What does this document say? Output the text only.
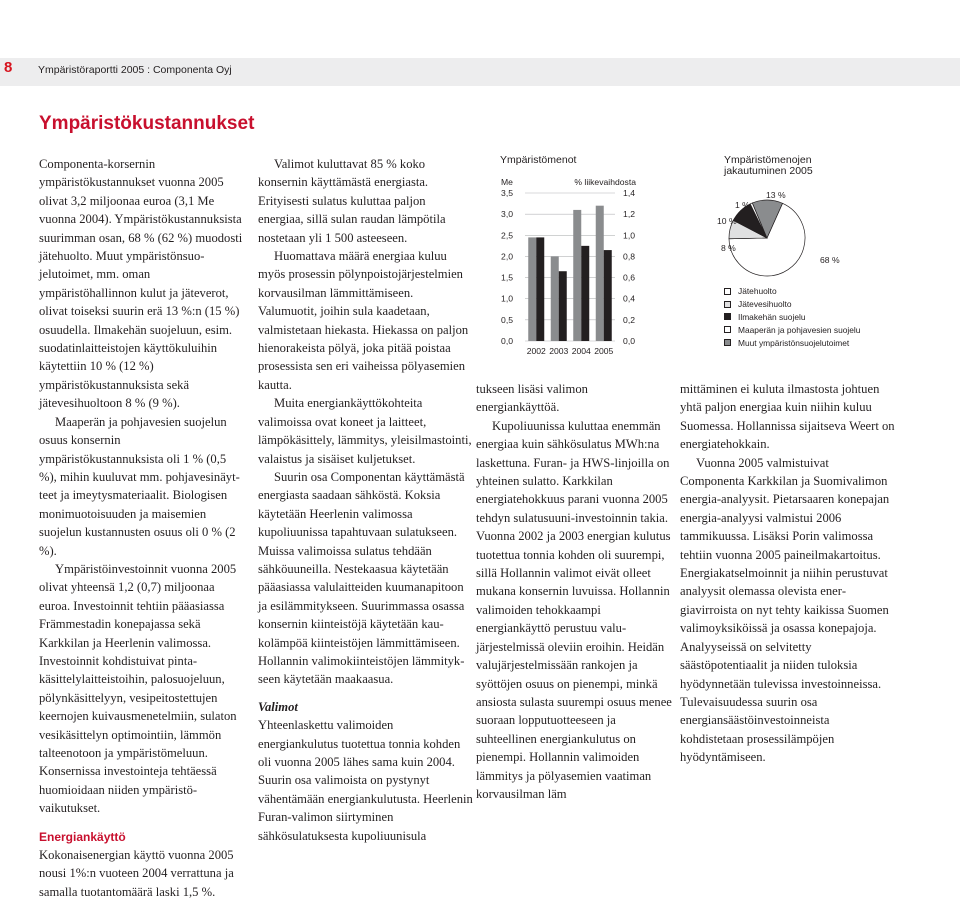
8 Ympäristöraportti 2005 : Componenta Oyj
Ympäristökustannukset

Componenta-korsernin ympäristökustannukset vuonna 2005 olivat 3,2 miljoonaa euroa (3,1 Me vuonna 2004). Ympäristökustannuksista suurimman osan, 68 % (62 %) muodosti jätehuolto. Muut ympäristönsuojelutoimet, mm. oman ympäristöhallinnon kulut ja jäteverot, olivat toiseksi suurin erä 13 %:n (15 %) osuudella. Ilmakehän suojeluun, esim. suodatinlaitteistojen käyttökuluihin käytettiin 10 % (12 %) ympäristökustannuksista sekä jätevesihuoltoon 8 % (9 %).

Maaperän ja pohjavesien suojelun osuus konsernin ympäristökustannuksista oli 1 % (0,5 %), mihin kuuluvat mm. pohjavesinäytteet ja imeytysmateriaalit. Biologisen monimuotoisuuden ja maisemien suojelun kustannusten osuus oli 0 % (2 %).

Ympäristöinvestoinnit vuonna 2005 olivat yhteensä 1,2 (0,7) miljoonaa euroa. Investoinnit tehtiin pääasiassa Främmestadin konepajassa sekä Karkkilan ja Heerlenin valimossa. Investoinnit kohdistuivat pintakäsittelylaitteistoihin, palosuojeluun, pölynkäsittelyyn, vesipeitostettujen keernojen kuivausmenetelmiin, sulaton vesikäsittelyn optimointiin, lämmön talteenotoon ja ympäristömeluun. Konsernissa investointeja tehtäessä huomioidaan niiden ympäristövaikutukset.

Energiankäyttö

Kokonaisenergian käyttö vuonna 2005 nousi 1%:n vuoteen 2004 verrattuna ja samalla tuotantomäärä laski 1,5 %.

Valimot kuluttavat 85 % koko konsernin käyttämästä energiasta. Erityisesti sulatus kuluttaa paljon energiaa, sillä sulan raudan lämpötila nostetaan yli 1 500 asteeseen.

Huomattava määrä energiaa kuluu myös prosessin pölynpoistojärjestelmien korvausilman lämmittämiseen. Valumuotit, joihin sula kaadetaan, valmistetaan hiekasta. Hiekassa on paljon hienorakeista pölyä, joka pitää poistaa prosessista sen eri vaiheissa pölyasemien kautta.

Muita energiankäyttökohteita valimoissa ovat koneet ja laitteet, lämpökäsittely, lämmitys, yleisilmastointi, valaistus ja sisäiset kuljetukset.

Suurin osa Componentan käyttämästä energiasta saadaan sähköstä. Koksia käytetään Heerlenin valimossa kupoliuunissa tapahtuvaan sulatukseen. Muissa valimoissa sulatus tehdään sähköuuneilla. Nestekaasua käytetään pääasiassa valulaitteiden kuumanapitoon ja esilämmitykseen. Suurimmassa osassa konsernin kiinteistöjä käytetään kaukolämpöä kiinteistöjen lämmittämiseen. Hollannin valimokiinteistöjen lämmitykseen käytetään maakaasua.

Valimot

Yhteenlaskettu valimoiden energiankulutus tuotettua tonnia kohden oli vuonna 2005 lähes sama kuin 2004. Suurin osa valimoista on pystynyt vähentämään energiankulutusta. Heerlenin Furan-valimon siirtyminen sähkösulatuksesta kupoliuunisula

tukseen lisäsi valimon energiankäyttöä.

Kupoliuunissa kuluttaa enemmän energiaa kuin sähkösulatus MWh:na laskettuna. Furan- ja HWS-linjoilla on yhteinen sulatto. Karkkilan energiatehokkuus parani vuonna 2005 tehdyn sulatusuuni-investoinnin takia. Vuonna 2002 ja 2003 energian kulutus tuotettua tonnia kohden oli suurempi, sillä Hollannin valimot eivät olleet mukana konsernin luvuissa. Hollannin valimoiden tehokkaampi energiankäyttö perustuu valujärjestelmissä oleviin eroihin. Heidän valujärjestelmissään rankojen ja syöttöjen osuus on pienempi, minkä ansiosta sulasta suurempi osuus menee suoraan lopputuotteeseen ja suhteellinen energiankulutus on pienempi. Hollannin valimoiden lämmitys ja pölyasemien vaatiman korvausilman läm

mittäminen ei kuluta ilmastosta johtuen yhtä paljon energiaa kuin niihin kuluu Suomessa. Hollannissa sijaitseva Weert on energiatehokkain.

Vuonna 2005 valmistuivat Componenta Karkkilan ja Suomivalimon energia-analyysit. Pietarsaaren konepajan energia-analyysi valmistui 2006 tammikuussa. Lisäksi Porin valimossa tehtiin vuonna 2005 paineilmakartoitus. Energiakatselmoinnit ja niihin perustuvat analyysit olemassa olevista energiavirroista on nyt tehty kaikissa Suomen valimoyksiköissä ja osassa konepajoja. Analyyseissä on selvitetty säästöpotentiaalit ja niiden tuloksia hyödynnetään tulevissa investoinneissa. Tulevaisuudessa suurin osa energiansäästöinvestoinneista kohdistetaan prosessilämpöjen hyödyntämiseen.

Ympäristömenot
Me	% liikevaihdosta
3,5
3,0
2,5
2,0
1,5
1,0
0,5
0,0
1,4
1,2
1,0
0,8
0,6
0,4
0,2
0,0
2002 2003 2004 2005
Ympäristömenojen
jakautuminen 2005
13 %
1 %
10 %
8 %
68 %
Jätehuolto
Jätevesihuolto
Ilmakehän suojelu
Maaperän ja pohjavesien suojelu
Muut ympäristönsuojelutoimet
